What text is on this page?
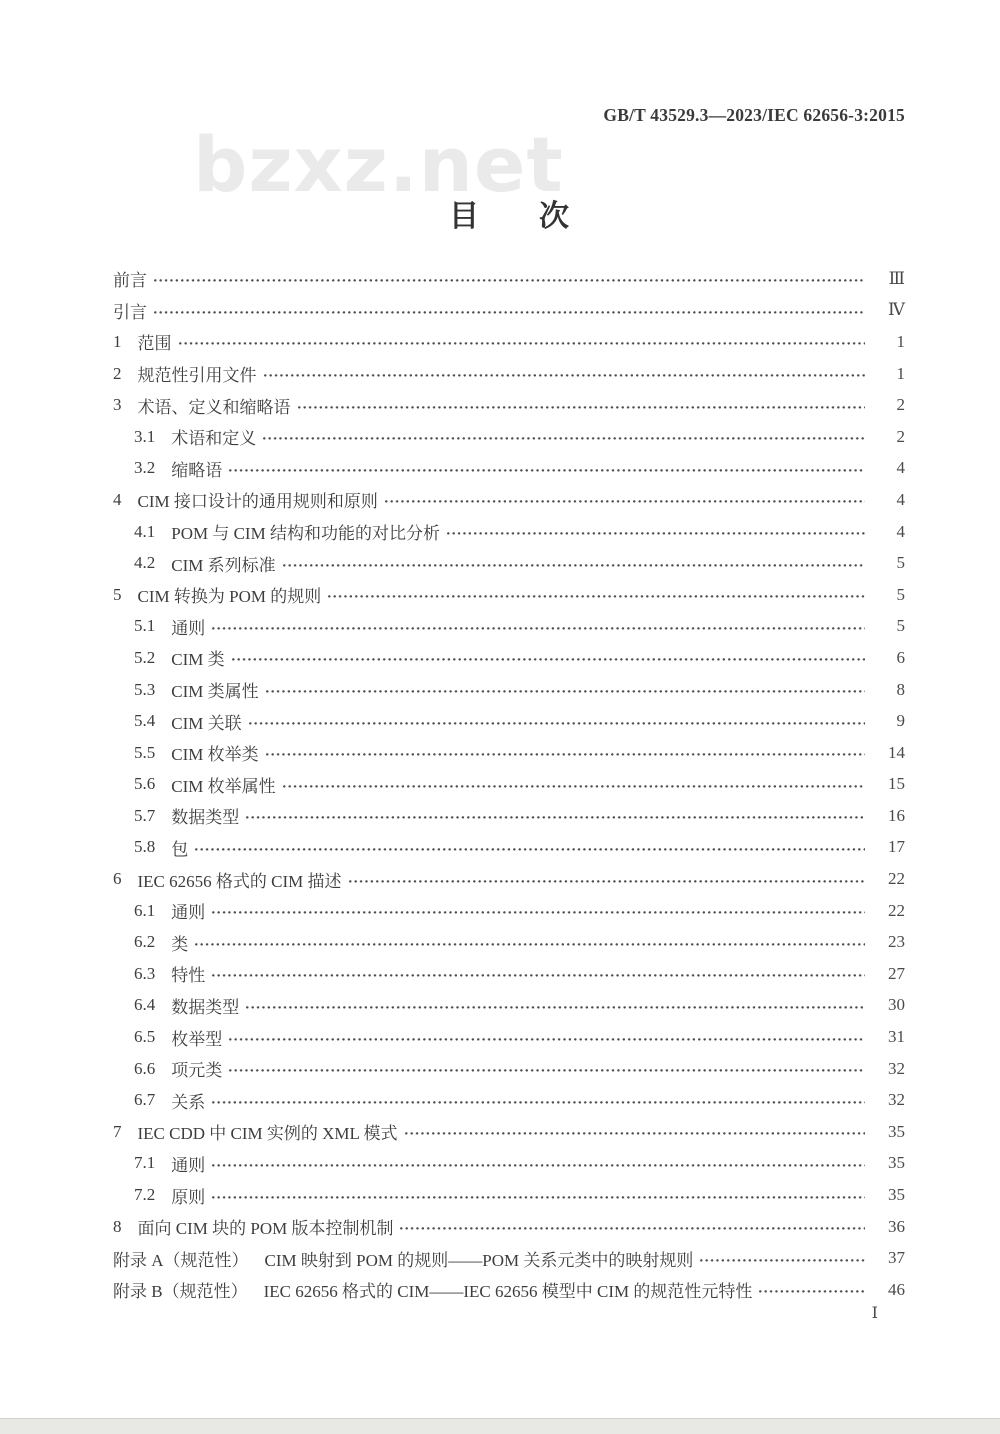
bzxz.net
GB/T 43529.3—2023/IEC 62656-3:2015
目　　次
前言	Ⅲ
引言	Ⅳ
1 范围	1
2 规范性引用文件	1
3 术语、定义和缩略语	2
3.1 术语和定义	2
3.2 缩略语	4
4 CIM 接口设计的通用规则和原则	4
4.1 POM 与 CIM 结构和功能的对比分析	4
4.2 CIM 系列标准	5
5 CIM 转换为 POM 的规则	5
5.1 通则	5
5.2 CIM 类	6
5.3 CIM 类属性	8
5.4 CIM 关联	9
5.5 CIM 枚举类	14
5.6 CIM 枚举属性	15
5.7 数据类型	16
5.8 包	17
6 IEC 62656 格式的 CIM 描述	22
6.1 通则	22
6.2 类	23
6.3 特性	27
6.4 数据类型	30
6.5 枚举型	31
6.6 项元类	32
6.7 关系	32
7 IEC CDD 中 CIM 实例的 XML 模式	35
7.1 通则	35
7.2 原则	35
8 面向 CIM 块的 POM 版本控制机制	36
附录 A（规范性） CIM 映射到 POM 的规则——POM 关系元类中的映射规则	37
附录 B（规范性） IEC 62656 格式的 CIM——IEC 62656 模型中 CIM 的规范性元特性	46
Ⅰ
